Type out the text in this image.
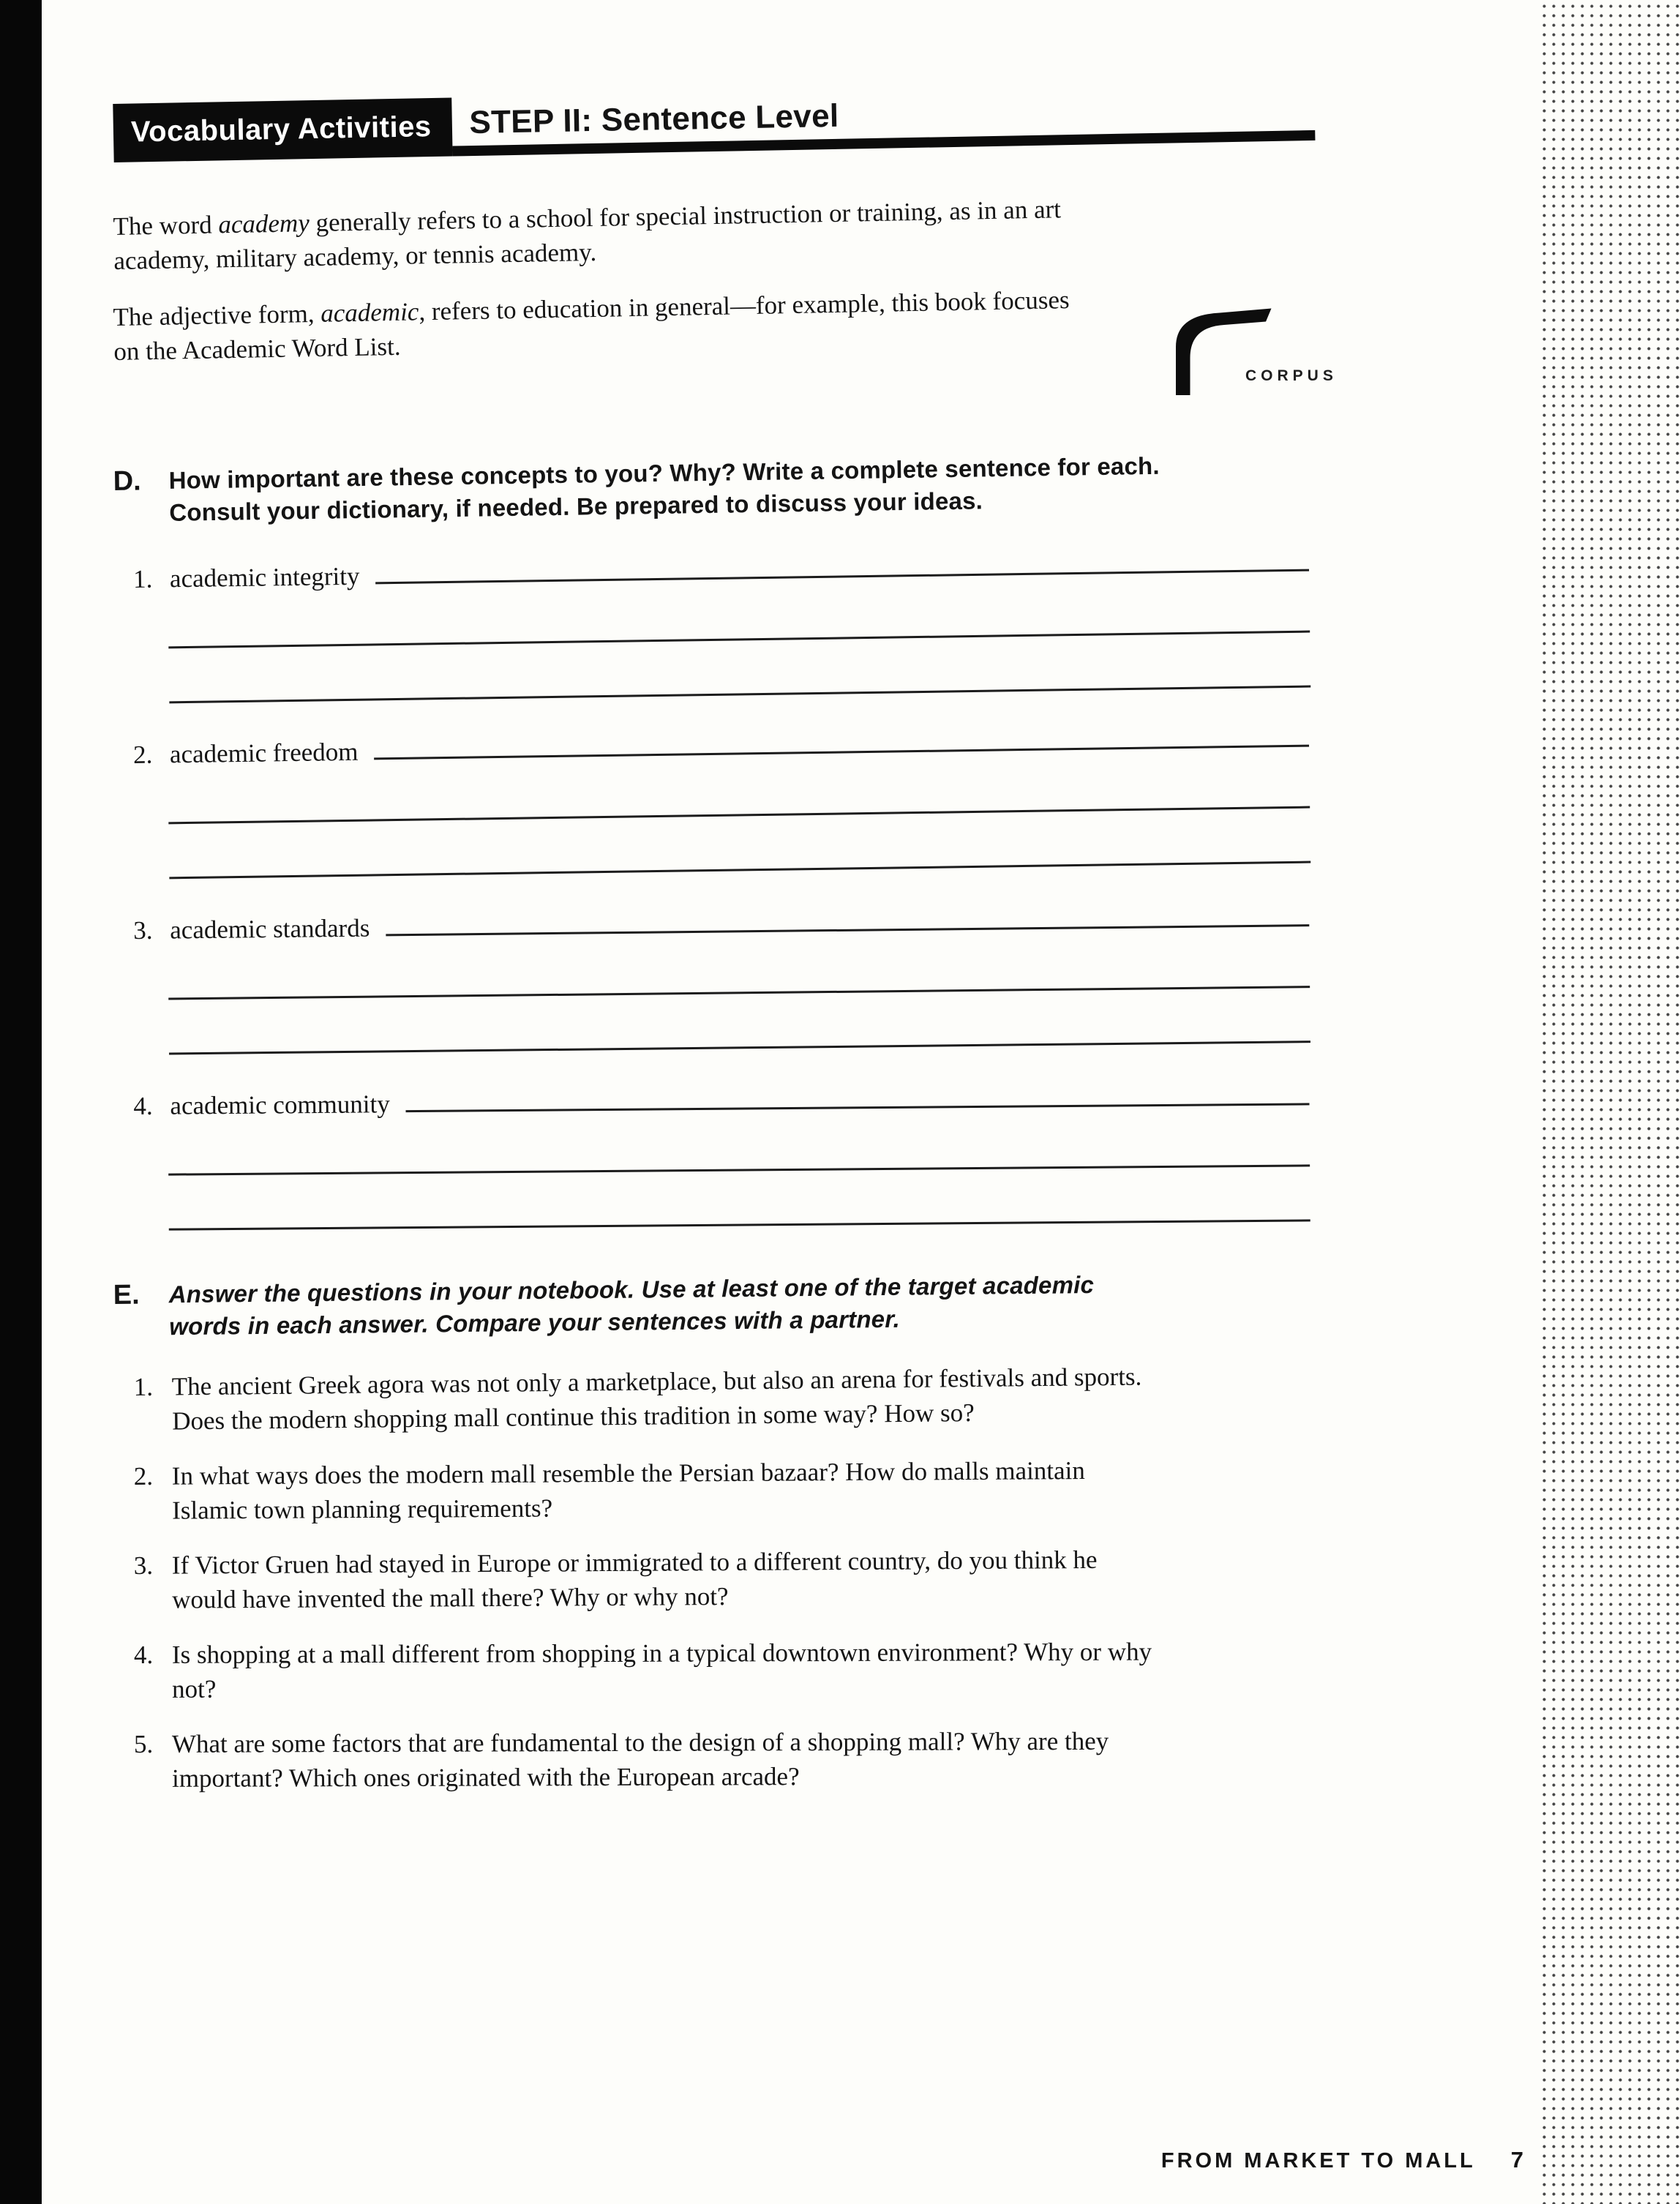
Vocabulary Activities	STEP II: Sentence Level

The word academy generally refers to a school for special instruction or training, as in an art academy, military academy, or tennis academy.

The adjective form, academic, refers to education in general—for example, this book focuses on the Academic Word List.

D.	How important are these concepts to you? Why? Write a complete sentence for each. Consult your dictionary, if needed. Be prepared to discuss your ideas.

1. academic integrity
2. academic freedom
3. academic standards
4. academic community
E.	Answer the questions in your notebook. Use at least one of the target academic words in each answer. Compare your sentences with a partner.

1. The ancient Greek agora was not only a marketplace, but also an arena for festivals and sports. Does the modern shopping mall continue this tradition in some way? How so?

2. In what ways does the modern mall resemble the Persian bazaar? How do malls maintain Islamic town planning requirements?

3. If Victor Gruen had stayed in Europe or immigrated to a different country, do you think he would have invented the mall there? Why or why not?

4. Is shopping at a mall different from shopping in a typical downtown environment? Why or why not?

5. What are some factors that are fundamental to the design of a shopping mall? Why are they important? Which ones originated with the European arcade?

CORPUS
FROM MARKET TO MALL 7
